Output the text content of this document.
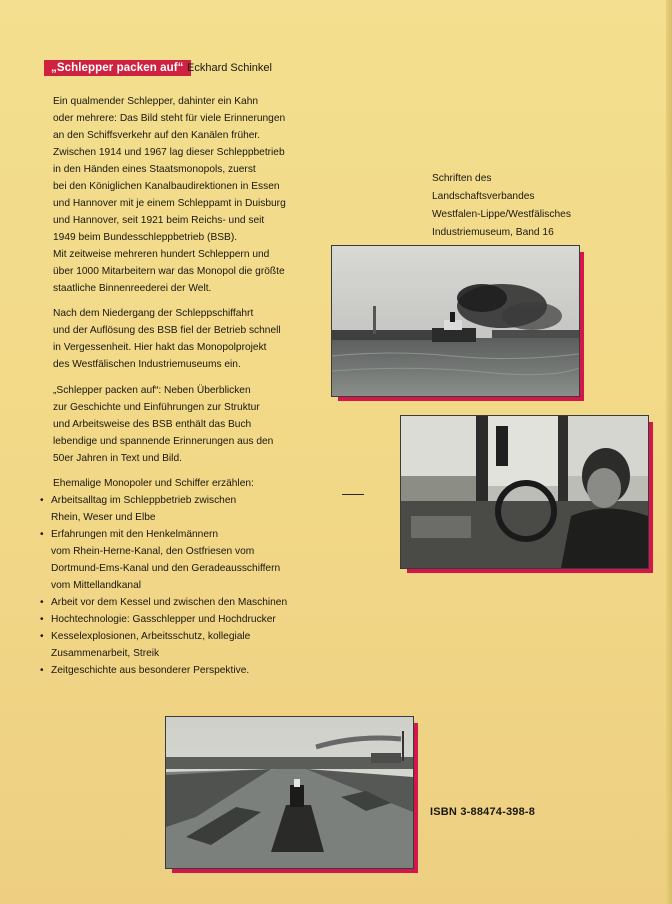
„Schlepper packen auf“ Eckhard Schinkel

Ein qualmender Schlepper, dahinter ein Kahn

oder mehrere: Das Bild steht für viele Erinnerungen

an den Schiffsverkehr auf den Kanälen früher.

Zwischen 1914 und 1967 lag dieser Schleppbetrieb

in den Händen eines Staatsmonopols, zuerst

bei den Königlichen Kanalbaudirektionen in Essen

und Hannover mit je einem Schleppamt in Duisburg

und Hannover, seit 1921 beim Reichs- und seit

1949 beim Bundesschleppbetrieb (BSB).

Mit zeitweise mehreren hundert Schleppern und

über 1000 Mitarbeitern war das Monopol die größte

staatliche Binnenreederei der Welt.

Nach dem Niedergang der Schleppschiffahrt

und der Auflösung des BSB fiel der Betrieb schnell

in Vergessenheit. Hier hakt das Monopolprojekt

des Westfälischen Industriemuseums ein.

„Schlepper packen auf“: Neben Überblicken

zur Geschichte und Einführungen zur Struktur

und Arbeitsweise des BSB enthält das Buch

lebendige und spannende Erinnerungen aus den

50er Jahren in Text und Bild.

Ehemalige Monopoler und Schiffer erzählen:
• Arbeitsalltag im Schleppbetrieb zwischen
Rhein, Weser und Elbe
• Erfahrungen mit den Henkelmännern
vom Rhein-Herne-Kanal, den Ostfriesen vom
Dortmund-Ems-Kanal und den Geradeausschiffern
vom Mittellandkanal
• Arbeit vor dem Kessel und zwischen den Maschinen
• Hochtechnologie: Gasschlepper und Hochdrucker
• Kesselexplosionen, Arbeitsschutz, kollegiale
Zusammenarbeit, Streik
• Zeitgeschichte aus besonderer Perspektive.
Schriften des
Landschaftsverbandes
Westfalen-Lippe/Westfälisches
Industriemuseum, Band 16
ISBN 3-88474-398-8
